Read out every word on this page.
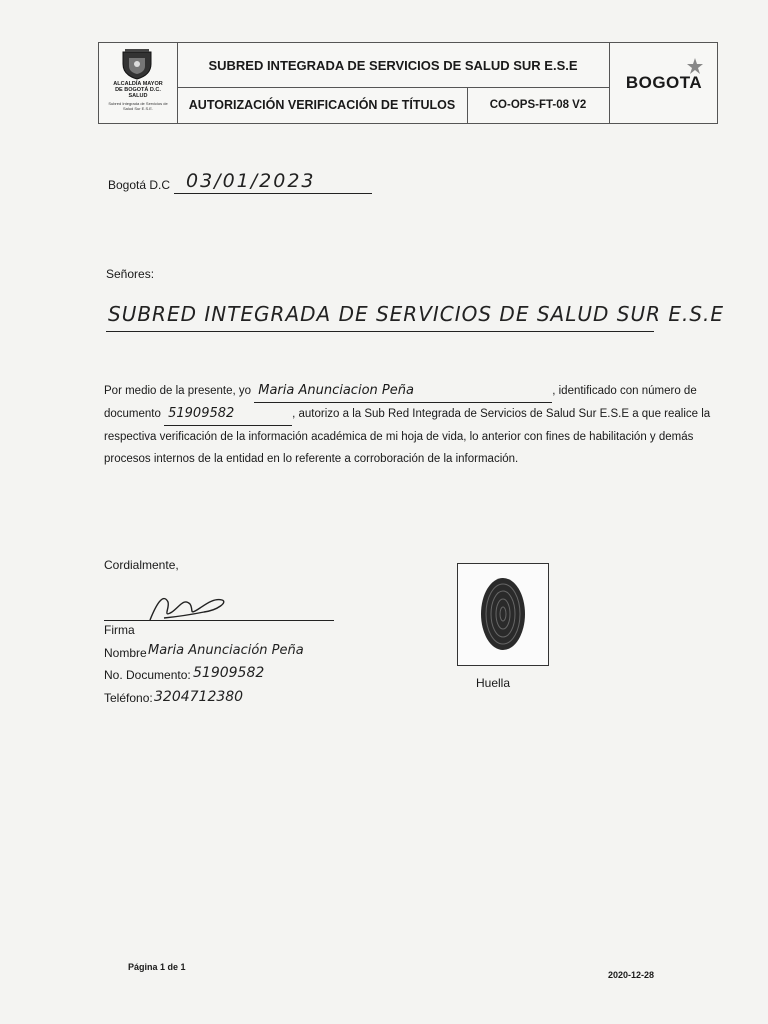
ALCALDÍA MAYOR
DE BOGOTÁ D.C.
SALUD
Subred Integrada de Servicios de Salud Sur E.S.E.
SUBRED INTEGRADA DE SERVICIOS DE SALUD SUR E.S.E
AUTORIZACIÓN VERIFICACIÓN DE TÍTULOS	CO-OPS-FT-08 V2
BOGOTA
Bogotá D.C 03/01/2023
Señores:
SUBRED INTEGRADA DE SERVICIOS DE SALUD SUR E.S.E
Por medio de la presente, yo Maria Anunciacion Peña	, identificado con número de documento 51909582	, autorizo a la Sub Red Integrada de Servicios de Salud Sur E.S.E a que realice la respectiva verificación de la información académica de mi hoja de vida, lo anterior con fines de habilitación y demás procesos internos de la entidad en lo referente a corroboración de la información.
Cordialmente,
Firma
Nombre Maria Anunciación Peña
No. Documento: 51909582
Teléfono: 3204712380
Huella
Página 1 de 1
2020-12-28
